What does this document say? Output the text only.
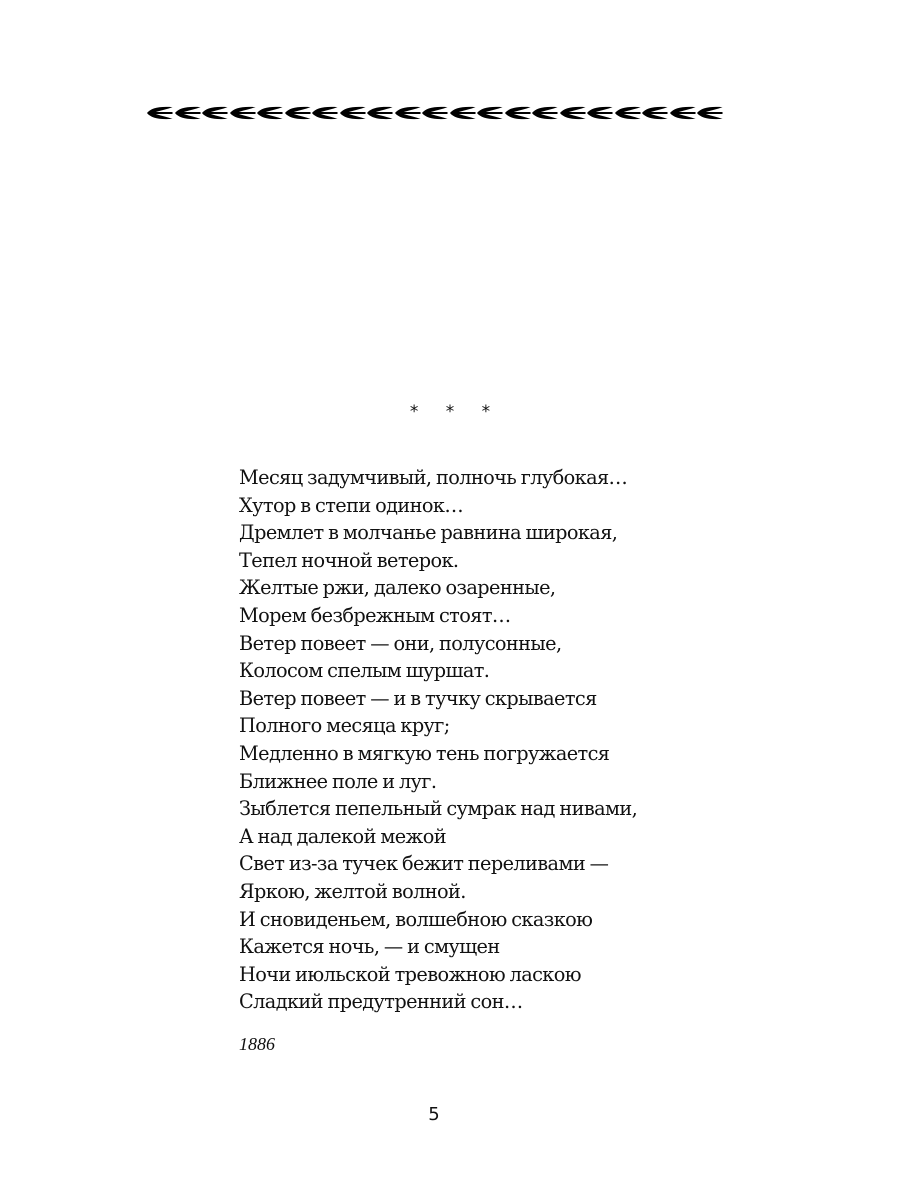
* * *
Месяц задумчивый, полночь глубокая…
Хутор в степи одинок…
Дремлет в молчанье равнина широкая,
Тепел ночной ветерок.
Желтые ржи, далеко озаренные,
Морем безбрежным стоят…
Ветер повеет — они, полусонные,
Колосом спелым шуршат.
Ветер повеет — и в тучку скрывается
Полного месяца круг;
Медленно в мягкую тень погружается
Ближнее поле и луг.
Зыблется пепельный сумрак над нивами,
А над далекой межой
Свет из-за тучек бежит переливами —
Яркою, желтой волной.
И сновиденьем, волшебною сказкою
Кажется ночь, — и смущен
Ночи июльской тревожною ласкою
Сладкий предутренний сон…
1886
5
